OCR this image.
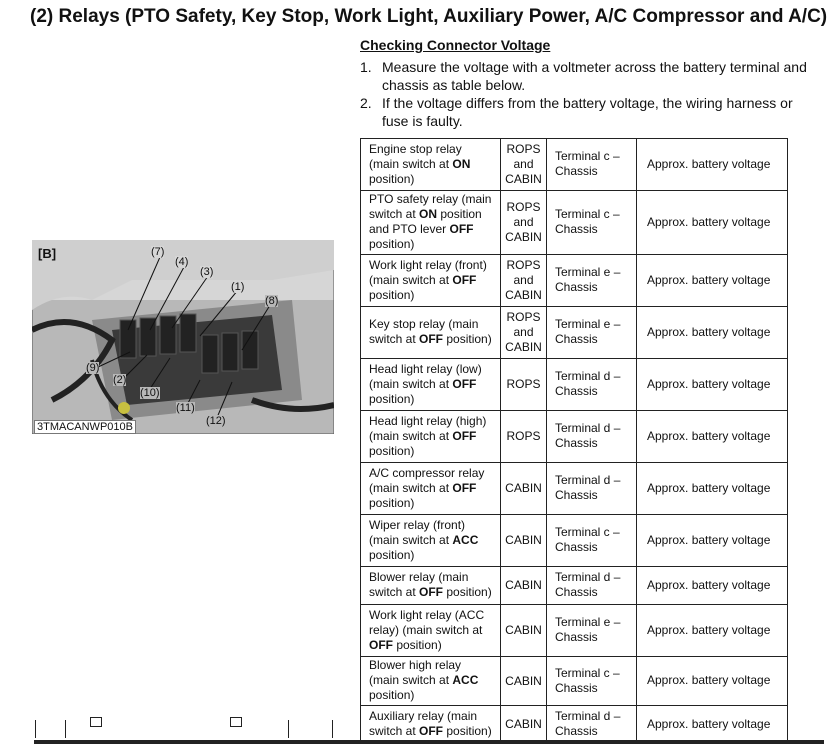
(2) Relays (PTO Safety, Key Stop, Work Light, Auxiliary Power, A/C Compressor and A/C)
Checking Connector Voltage
1. Measure the voltage with a voltmeter across the battery terminal and chassis as table below.
2. If the voltage differs from the battery voltage, the wiring harness or fuse is faulty.
[B]	(7)
(4)
(3)
(1)
(8)
(9)
(2)
(10)
(11)
(12)
3TMACANWP010B
Engine stop relay (main switch at ON position)	ROPS and CABIN	Terminal c – Chassis	Approx. battery voltage
PTO safety relay (main switch at ON position and PTO lever OFF position)	ROPS and CABIN	Terminal c – Chassis	Approx. battery voltage
Work light relay (front) (main switch at OFF position)	ROPS and CABIN	Terminal e – Chassis	Approx. battery voltage
Key stop relay (main switch at OFF position)	ROPS and CABIN	Terminal e – Chassis	Approx. battery voltage
Head light relay (low) (main switch at OFF position)	ROPS	Terminal d – Chassis	Approx. battery voltage
Head light relay (high) (main switch at OFF position)	ROPS	Terminal d – Chassis	Approx. battery voltage
A/C compressor relay (main switch at OFF position)	CABIN	Terminal d – Chassis	Approx. battery voltage
Wiper relay (front) (main switch at ACC position)	CABIN	Terminal c – Chassis	Approx. battery voltage
Blower relay (main switch at OFF position)	CABIN	Terminal d – Chassis	Approx. battery voltage
Work light relay (ACC relay) (main switch at OFF position)	CABIN	Terminal e – Chassis	Approx. battery voltage
Blower high relay (main switch at ACC position)	CABIN	Terminal c – Chassis	Approx. battery voltage
Auxiliary relay (main switch at OFF position)	CABIN	Terminal d – Chassis	Approx. battery voltage
